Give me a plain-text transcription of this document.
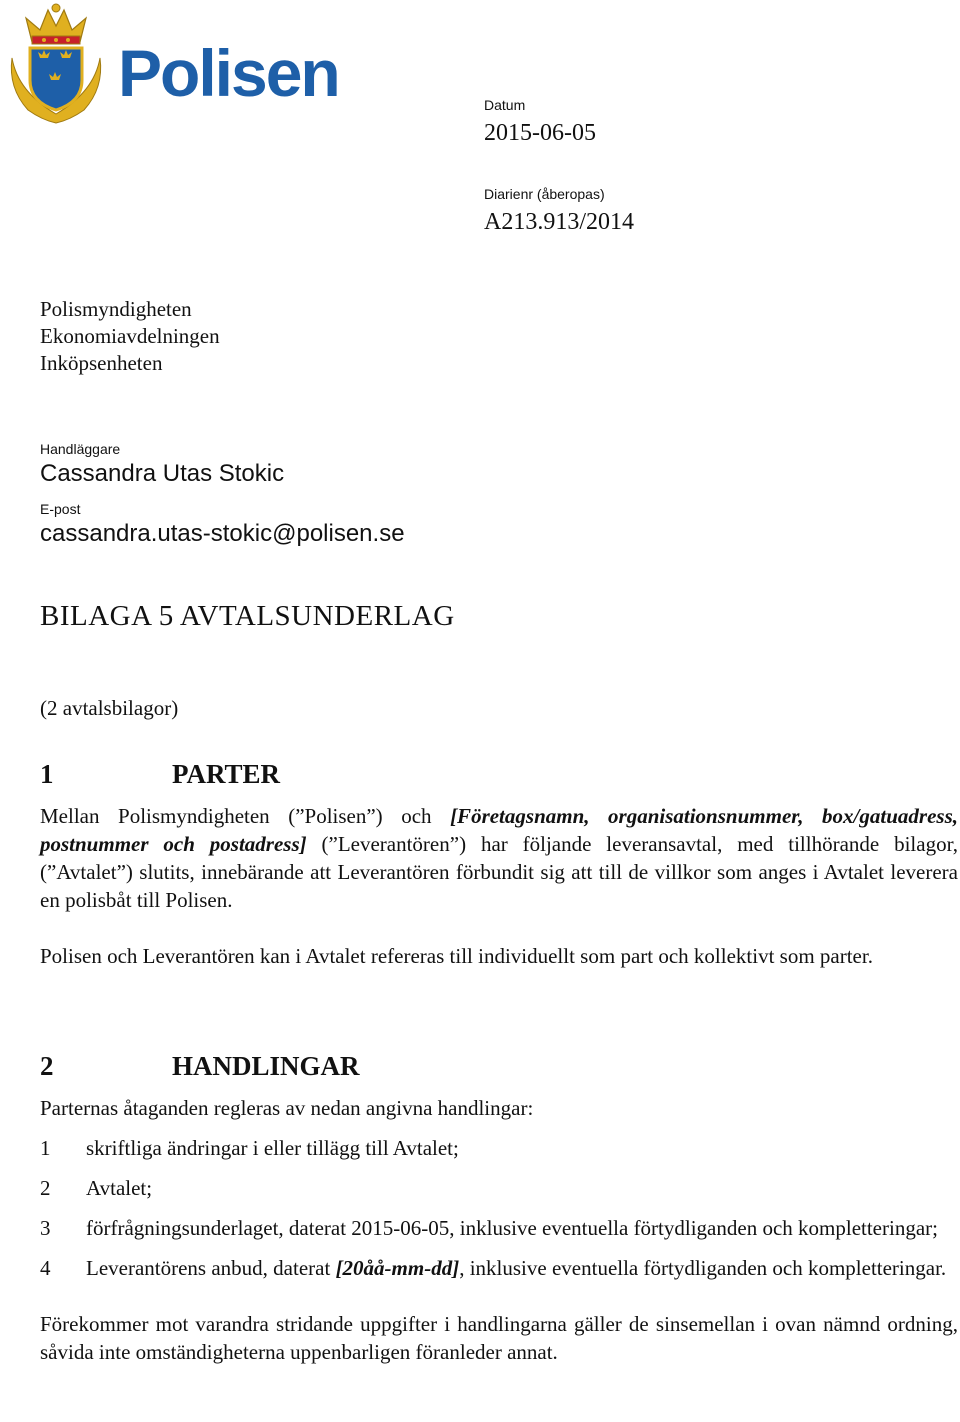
Polisen	Datum
2015-06-05
Diarienr (åberopas)
A213.913/2014
Polismyndigheten
Ekonomiavdelningen
Inköpsenheten
Handläggare
Cassandra Utas Stokic
E-post
cassandra.utas-stokic@polisen.se
BILAGA 5 AVTALSUNDERLAG
(2 avtalsbilagor)
1	PARTER

Mellan Polismyndigheten (”Polisen”) och [Företagsnamn, organisationsnummer, box/gatuadress, postnummer och postadress] (”Leverantören”) har följande leveransavtal, med tillhörande bilagor, (”Avtalet”) slutits, innebärande att Leverantören förbundit sig att till de villkor som anges i Avtalet leverera en polisbåt till Polisen.

Polisen och Leverantören kan i Avtalet refereras till individuellt som part och kollektivt som parter.

2	HANDLINGAR

Parternas åtaganden regleras av nedan angivna handlingar:

1 skriftliga ändringar i eller tillägg till Avtalet;
2 Avtalet;
3 förfrågningsunderlaget, daterat 2015-06-05, inklusive eventuella förtydliganden och kompletteringar;
4 Leverantörens anbud, daterat [20åå-mm-dd], inklusive eventuella förtydliganden och kompletteringar.

Förekommer mot varandra stridande uppgifter i handlingarna gäller de sinsemellan i ovan nämnd ordning, såvida inte omständigheterna uppenbarligen föranleder annat.
